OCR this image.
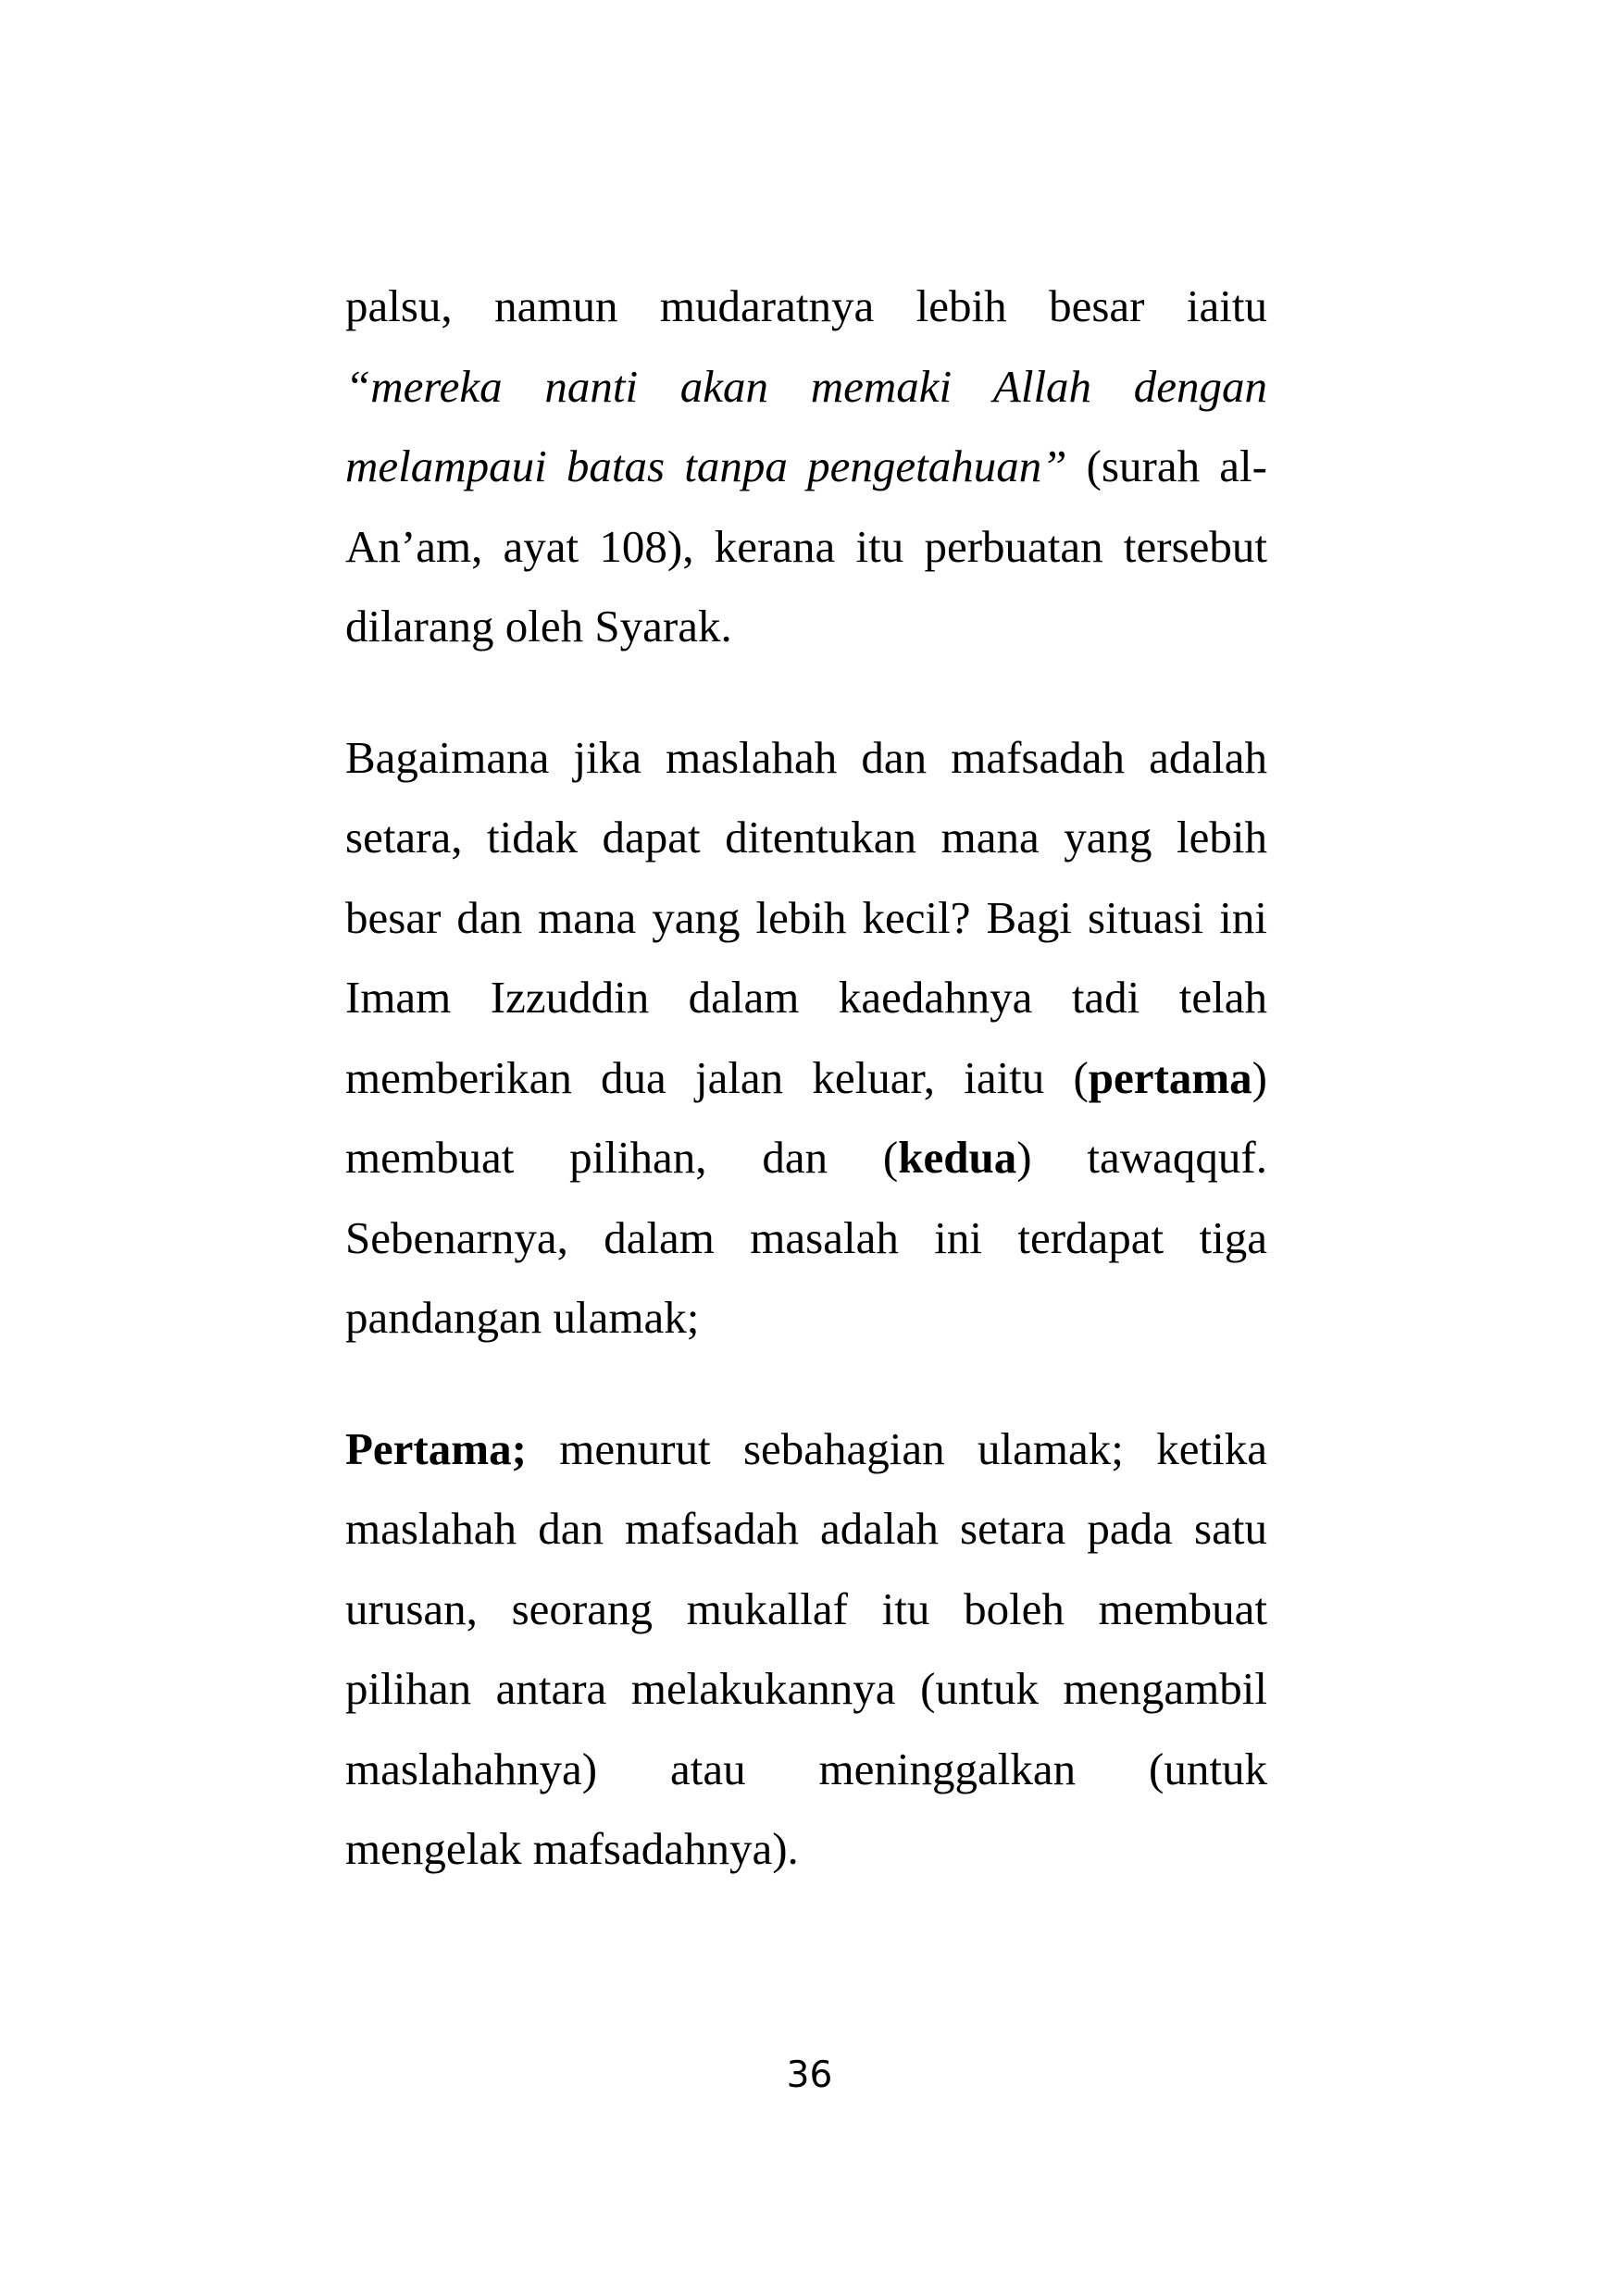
palsu, namun mudaratnya lebih besar iaitu “mereka nanti akan memaki Allah dengan melampaui batas tanpa pengetahuan” (surah al-An’am, ayat 108), kerana itu perbuatan tersebut dilarang oleh Syarak.

Bagaimana jika maslahah dan mafsadah adalah setara, tidak dapat ditentukan mana yang lebih besar dan mana yang lebih kecil? Bagi situasi ini Imam Izzuddin dalam kaedahnya tadi telah memberikan dua jalan keluar, iaitu (pertama) membuat pilihan, dan (kedua) tawaqquf. Sebenarnya, dalam masalah ini terdapat tiga pandangan ulamak;

Pertama; menurut sebahagian ulamak; ketika maslahah dan mafsadah adalah setara pada satu urusan, seorang mukallaf itu boleh membuat pilihan antara melakukannya (untuk mengambil maslahahnya) atau meninggalkan (untuk mengelak mafsadahnya).

36
